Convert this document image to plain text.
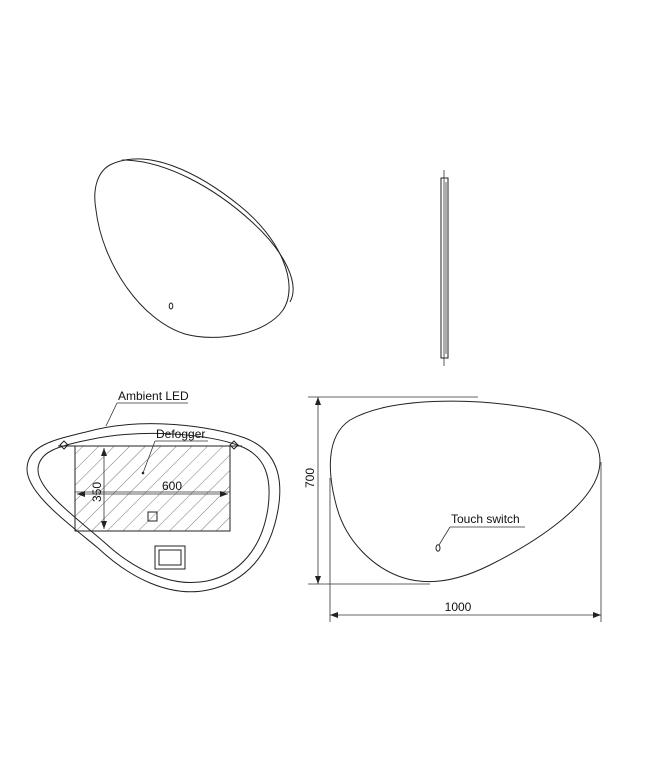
350	600
Ambient LED
Defogger
Touch switch
700
1000
